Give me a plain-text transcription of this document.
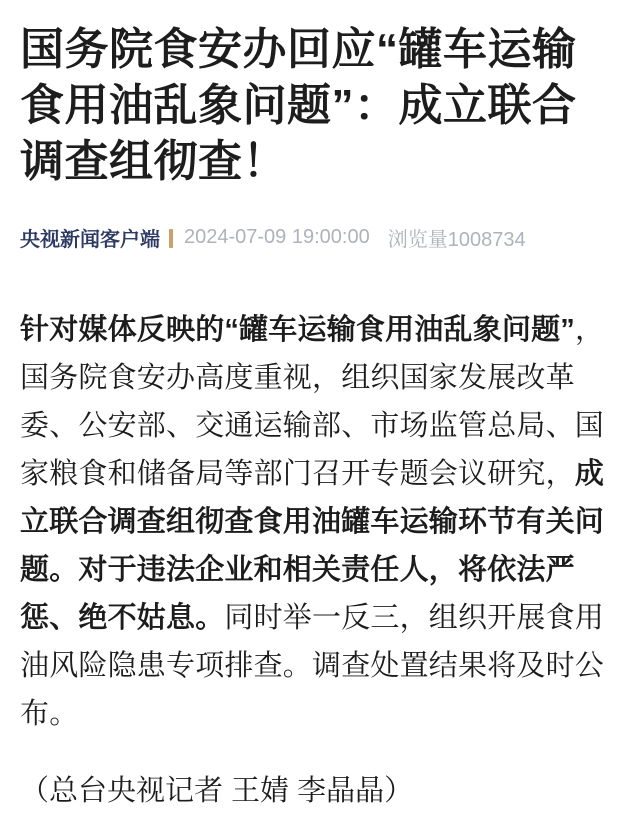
国务院食安办回应“罐车运输食用油乱象问题”：成立联合调查组彻查！
央视新闻客户端 2024-07-09 19:00:00 浏览量1008734

针对媒体反映的“罐车运输食用油乱象问题”，国务院食安办高度重视，组织国家发展改革委、公安部、交通运输部、市场监管总局、国家粮食和储备局等部门召开专题会议研究，成立联合调查组彻查食用油罐车运输环节有关问题。对于违法企业和相关责任人，将依法严惩、绝不姑息。同时举一反三，组织开展食用油风险隐患专项排查。调查处置结果将及时公布。

（总台央视记者 王婧 李晶晶）
